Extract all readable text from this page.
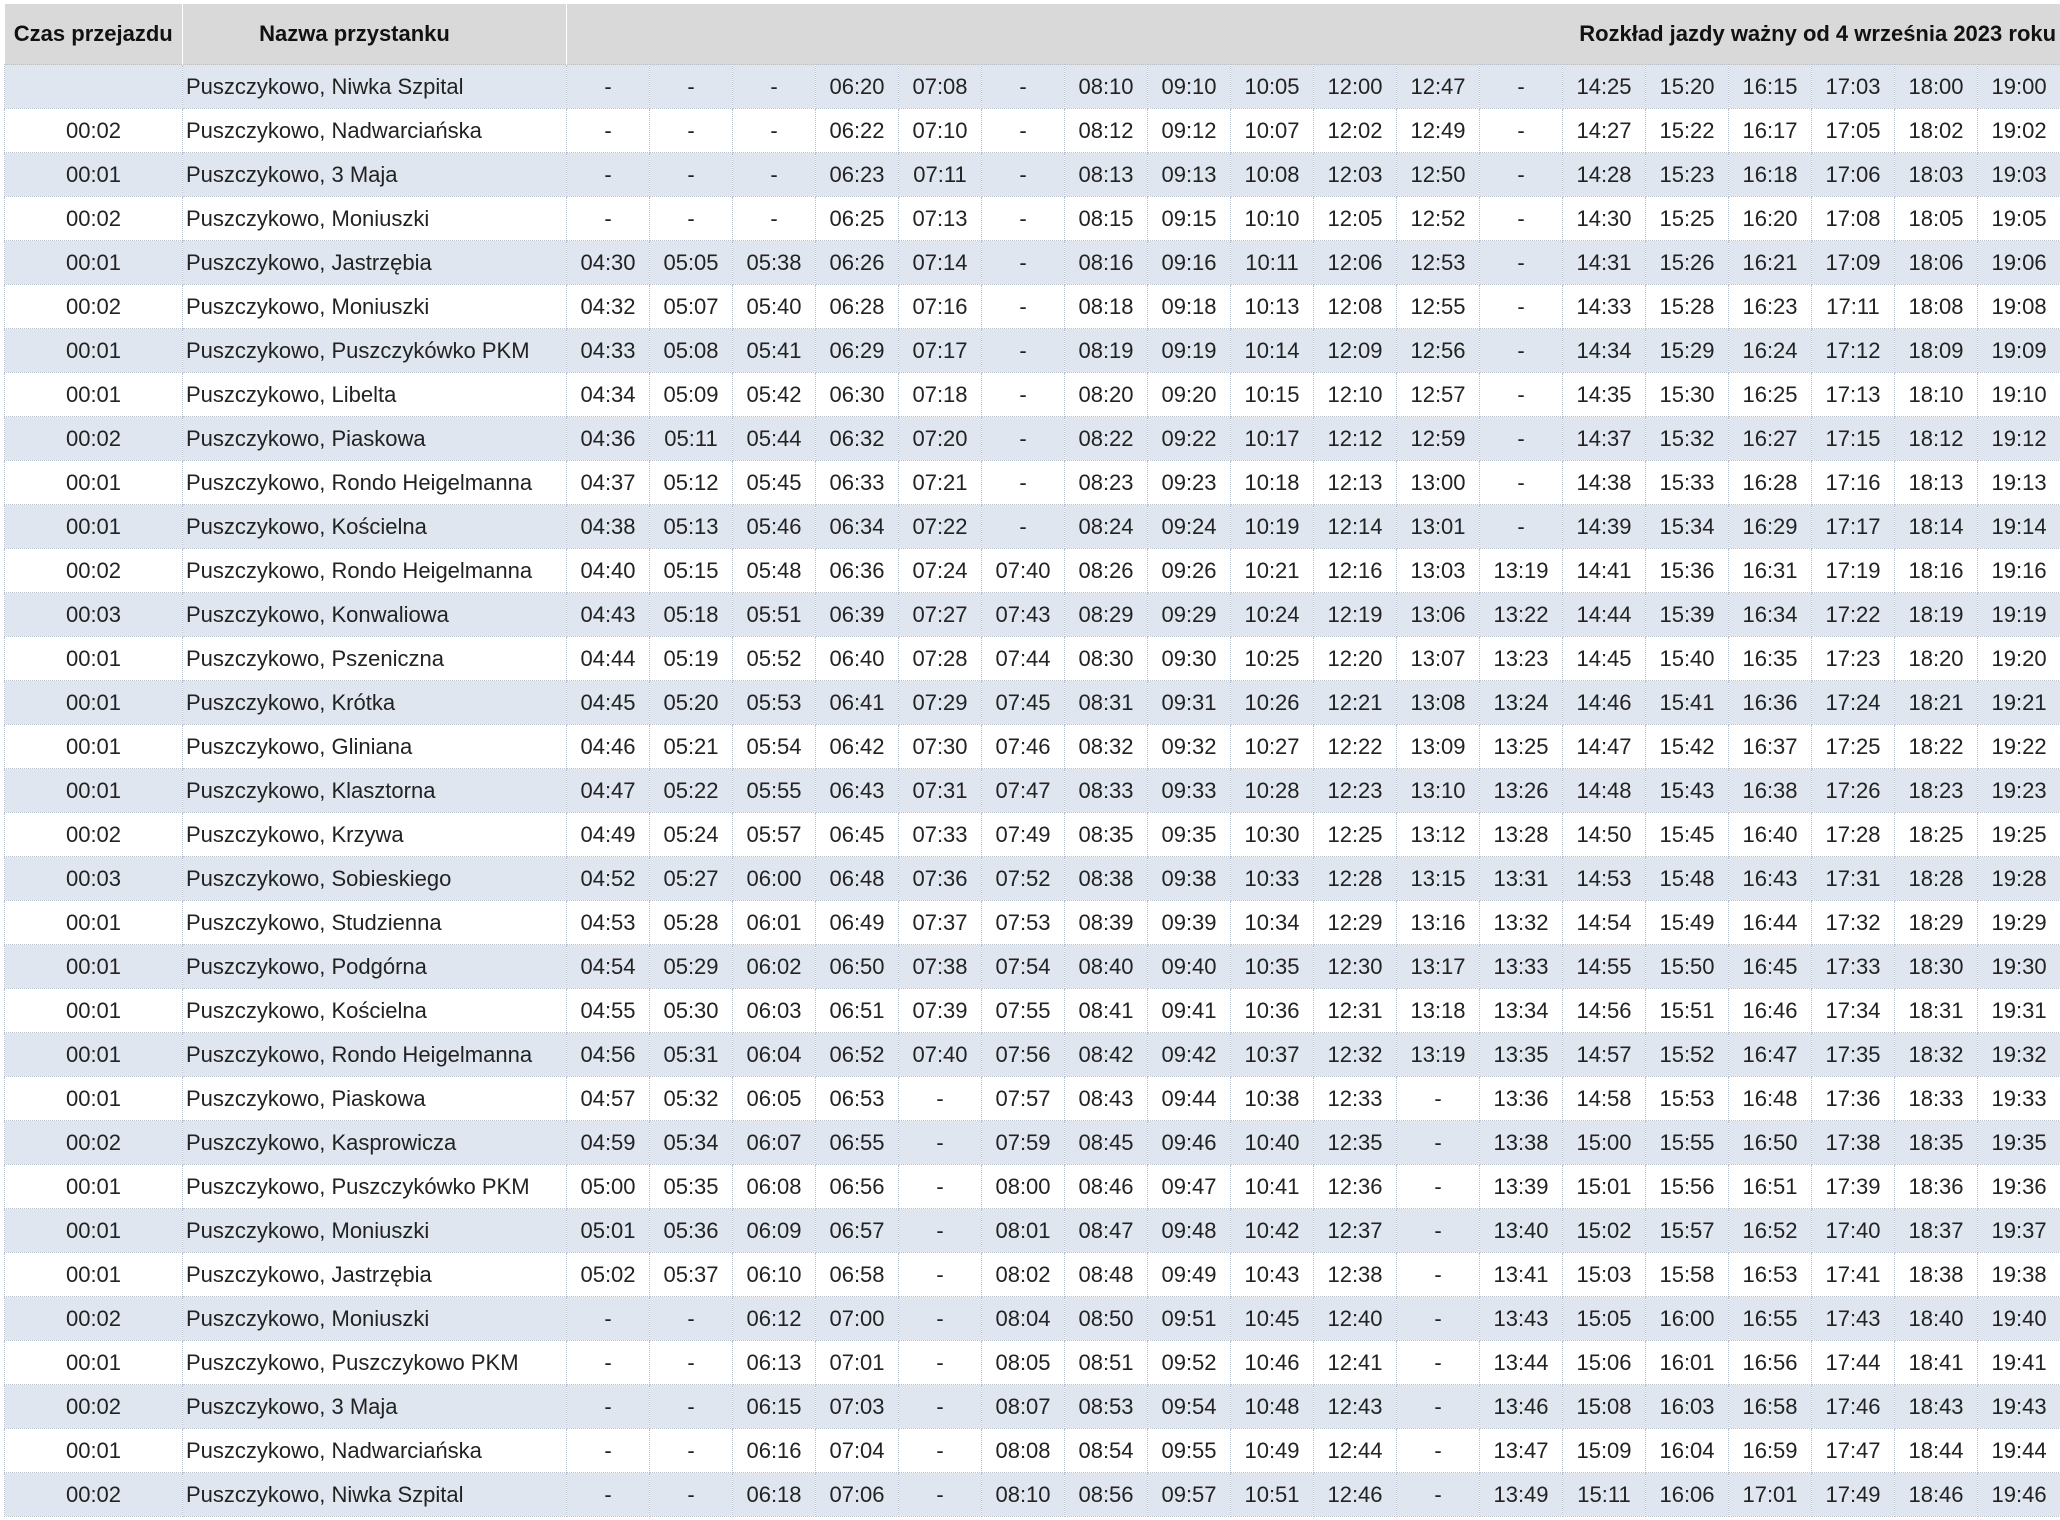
Czas przejazdu	Nazwa przystanku	Rozkład jazdy ważny od 4 września 2023 roku																	
	Puszczykowo, Niwka Szpital	-	-	-	06:20	07:08	-	08:10	09:10	10:05	12:00	12:47	-	14:25	15:20	16:15	17:03	18:00	19:00
00:02	Puszczykowo, Nadwarciańska	-	-	-	06:22	07:10	-	08:12	09:12	10:07	12:02	12:49	-	14:27	15:22	16:17	17:05	18:02	19:02
00:01	Puszczykowo, 3 Maja	-	-	-	06:23	07:11	-	08:13	09:13	10:08	12:03	12:50	-	14:28	15:23	16:18	17:06	18:03	19:03
00:02	Puszczykowo, Moniuszki	-	-	-	06:25	07:13	-	08:15	09:15	10:10	12:05	12:52	-	14:30	15:25	16:20	17:08	18:05	19:05
00:01	Puszczykowo, Jastrzębia	04:30	05:05	05:38	06:26	07:14	-	08:16	09:16	10:11	12:06	12:53	-	14:31	15:26	16:21	17:09	18:06	19:06
00:02	Puszczykowo, Moniuszki	04:32	05:07	05:40	06:28	07:16	-	08:18	09:18	10:13	12:08	12:55	-	14:33	15:28	16:23	17:11	18:08	19:08
00:01	Puszczykowo, Puszczykówko PKM	04:33	05:08	05:41	06:29	07:17	-	08:19	09:19	10:14	12:09	12:56	-	14:34	15:29	16:24	17:12	18:09	19:09
00:01	Puszczykowo, Libelta	04:34	05:09	05:42	06:30	07:18	-	08:20	09:20	10:15	12:10	12:57	-	14:35	15:30	16:25	17:13	18:10	19:10
00:02	Puszczykowo, Piaskowa	04:36	05:11	05:44	06:32	07:20	-	08:22	09:22	10:17	12:12	12:59	-	14:37	15:32	16:27	17:15	18:12	19:12
00:01	Puszczykowo, Rondo Heigelmanna	04:37	05:12	05:45	06:33	07:21	-	08:23	09:23	10:18	12:13	13:00	-	14:38	15:33	16:28	17:16	18:13	19:13
00:01	Puszczykowo, Kościelna	04:38	05:13	05:46	06:34	07:22	-	08:24	09:24	10:19	12:14	13:01	-	14:39	15:34	16:29	17:17	18:14	19:14
00:02	Puszczykowo, Rondo Heigelmanna	04:40	05:15	05:48	06:36	07:24	07:40	08:26	09:26	10:21	12:16	13:03	13:19	14:41	15:36	16:31	17:19	18:16	19:16
00:03	Puszczykowo, Konwaliowa	04:43	05:18	05:51	06:39	07:27	07:43	08:29	09:29	10:24	12:19	13:06	13:22	14:44	15:39	16:34	17:22	18:19	19:19
00:01	Puszczykowo, Pszeniczna	04:44	05:19	05:52	06:40	07:28	07:44	08:30	09:30	10:25	12:20	13:07	13:23	14:45	15:40	16:35	17:23	18:20	19:20
00:01	Puszczykowo, Krótka	04:45	05:20	05:53	06:41	07:29	07:45	08:31	09:31	10:26	12:21	13:08	13:24	14:46	15:41	16:36	17:24	18:21	19:21
00:01	Puszczykowo, Gliniana	04:46	05:21	05:54	06:42	07:30	07:46	08:32	09:32	10:27	12:22	13:09	13:25	14:47	15:42	16:37	17:25	18:22	19:22
00:01	Puszczykowo, Klasztorna	04:47	05:22	05:55	06:43	07:31	07:47	08:33	09:33	10:28	12:23	13:10	13:26	14:48	15:43	16:38	17:26	18:23	19:23
00:02	Puszczykowo, Krzywa	04:49	05:24	05:57	06:45	07:33	07:49	08:35	09:35	10:30	12:25	13:12	13:28	14:50	15:45	16:40	17:28	18:25	19:25
00:03	Puszczykowo, Sobieskiego	04:52	05:27	06:00	06:48	07:36	07:52	08:38	09:38	10:33	12:28	13:15	13:31	14:53	15:48	16:43	17:31	18:28	19:28
00:01	Puszczykowo, Studzienna	04:53	05:28	06:01	06:49	07:37	07:53	08:39	09:39	10:34	12:29	13:16	13:32	14:54	15:49	16:44	17:32	18:29	19:29
00:01	Puszczykowo, Podgórna	04:54	05:29	06:02	06:50	07:38	07:54	08:40	09:40	10:35	12:30	13:17	13:33	14:55	15:50	16:45	17:33	18:30	19:30
00:01	Puszczykowo, Kościelna	04:55	05:30	06:03	06:51	07:39	07:55	08:41	09:41	10:36	12:31	13:18	13:34	14:56	15:51	16:46	17:34	18:31	19:31
00:01	Puszczykowo, Rondo Heigelmanna	04:56	05:31	06:04	06:52	07:40	07:56	08:42	09:42	10:37	12:32	13:19	13:35	14:57	15:52	16:47	17:35	18:32	19:32
00:01	Puszczykowo, Piaskowa	04:57	05:32	06:05	06:53	-	07:57	08:43	09:44	10:38	12:33	-	13:36	14:58	15:53	16:48	17:36	18:33	19:33
00:02	Puszczykowo, Kasprowicza	04:59	05:34	06:07	06:55	-	07:59	08:45	09:46	10:40	12:35	-	13:38	15:00	15:55	16:50	17:38	18:35	19:35
00:01	Puszczykowo, Puszczykówko PKM	05:00	05:35	06:08	06:56	-	08:00	08:46	09:47	10:41	12:36	-	13:39	15:01	15:56	16:51	17:39	18:36	19:36
00:01	Puszczykowo, Moniuszki	05:01	05:36	06:09	06:57	-	08:01	08:47	09:48	10:42	12:37	-	13:40	15:02	15:57	16:52	17:40	18:37	19:37
00:01	Puszczykowo, Jastrzębia	05:02	05:37	06:10	06:58	-	08:02	08:48	09:49	10:43	12:38	-	13:41	15:03	15:58	16:53	17:41	18:38	19:38
00:02	Puszczykowo, Moniuszki	-	-	06:12	07:00	-	08:04	08:50	09:51	10:45	12:40	-	13:43	15:05	16:00	16:55	17:43	18:40	19:40
00:01	Puszczykowo, Puszczykowo PKM	-	-	06:13	07:01	-	08:05	08:51	09:52	10:46	12:41	-	13:44	15:06	16:01	16:56	17:44	18:41	19:41
00:02	Puszczykowo, 3 Maja	-	-	06:15	07:03	-	08:07	08:53	09:54	10:48	12:43	-	13:46	15:08	16:03	16:58	17:46	18:43	19:43
00:01	Puszczykowo, Nadwarciańska	-	-	06:16	07:04	-	08:08	08:54	09:55	10:49	12:44	-	13:47	15:09	16:04	16:59	17:47	18:44	19:44
00:02	Puszczykowo, Niwka Szpital	-	-	06:18	07:06	-	08:10	08:56	09:57	10:51	12:46	-	13:49	15:11	16:06	17:01	17:49	18:46	19:46
